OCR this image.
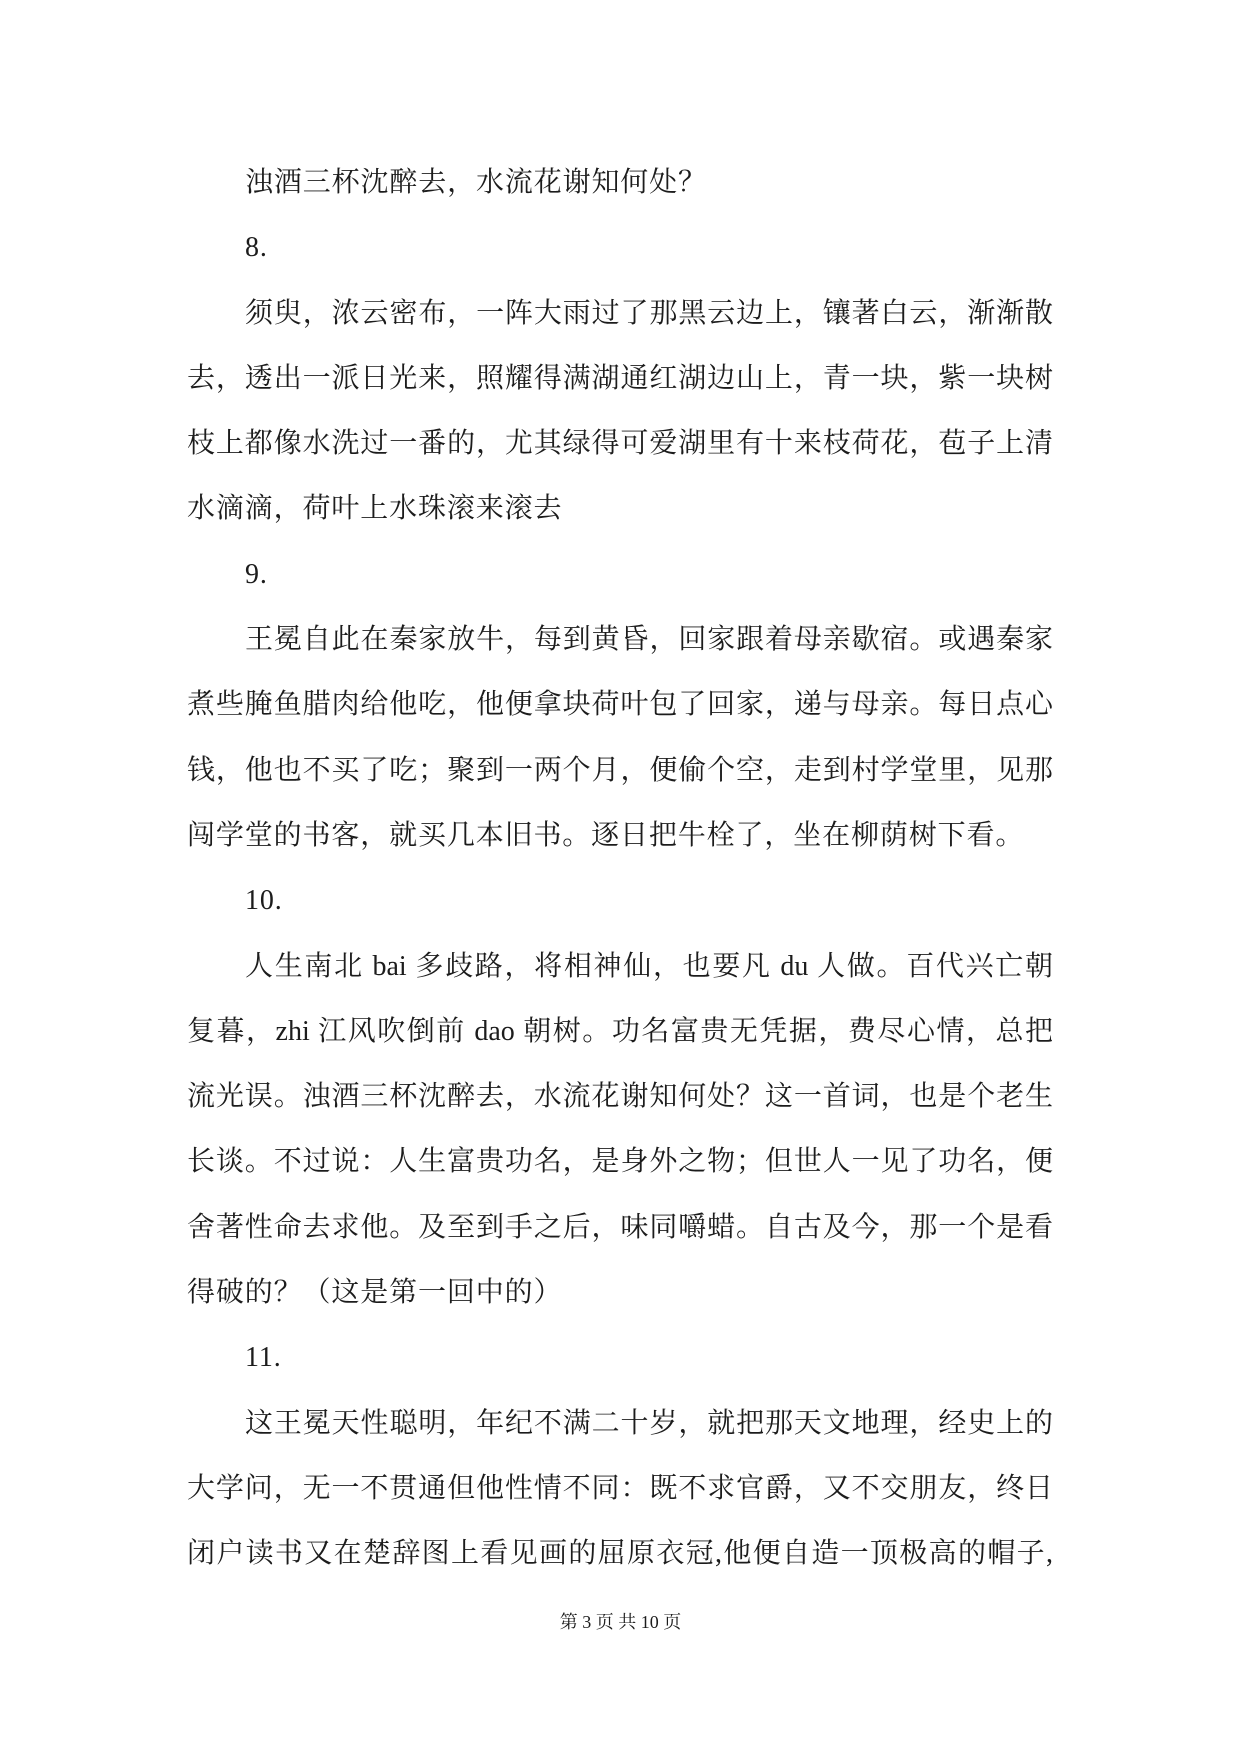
浊酒三杯沈醉去，水流花谢知何处？

8.

须臾，浓云密布，一阵大雨过了那黑云边上，镶著白云，渐渐散
去，透出一派日光来，照耀得满湖通红湖边山上，青一块，紫一块树
枝上都像水洗过一番的，尤其绿得可爱湖里有十来枝荷花，苞子上清
水滴滴，荷叶上水珠滚来滚去

9.

王冕自此在秦家放牛，每到黄昏，回家跟着母亲歇宿。或遇秦家
煮些腌鱼腊肉给他吃，他便拿块荷叶包了回家，递与母亲。每日点心
钱，他也不买了吃；聚到一两个月，便偷个空，走到村学堂里，见那
闯学堂的书客，就买几本旧书。逐日把牛栓了，坐在柳荫树下看。

10.

人生南北 bai 多歧路，将相神仙，也要凡 du 人做。百代兴亡朝
复暮，zhi 江风吹倒前 dao 朝树。功名富贵无凭据，费尽心情，总把
流光误。浊酒三杯沈醉去，水流花谢知何处？这一首词，也是个老生
长谈。不过说：人生富贵功名，是身外之物；但世人一见了功名，便
舍著性命去求他。及至到手之后，味同嚼蜡。自古及今，那一个是看
得破的？（这是第一回中的）

11.

这王冕天性聪明，年纪不满二十岁，就把那天文地理，经史上的
大学问，无一不贯通但他性情不同：既不求官爵，又不交朋友，终日
闭户读书又在楚辞图上看见画的屈原衣冠,他便自造一顶极高的帽子,

第 3 页 共 10 页
